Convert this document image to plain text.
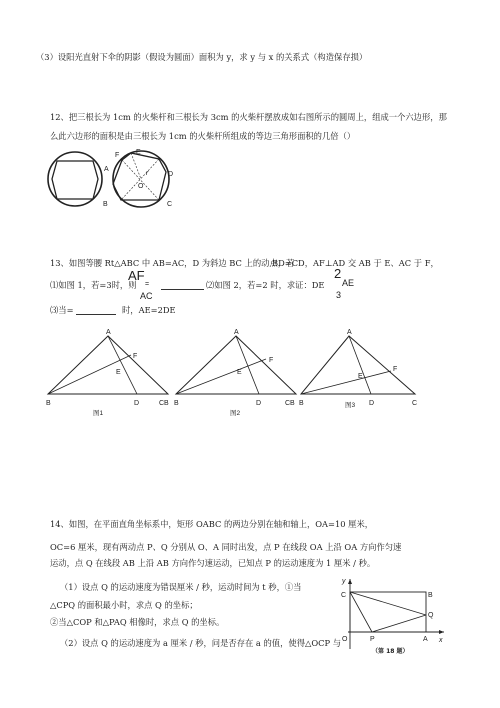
（3）设阳光直射下伞的阴影（假设为圆面）面积为 y，求 y 与 x 的关系式（构造保存损）
12、把三根长为 1cm 的火柴杆和三根长为 3cm 的火柴杆摆放成如右图所示的圆周上，组成一个六边形，那
么此六边形的面积是由三根长为 1cm 的火柴杆所组成的等边三角形面积的几倍（）
F E
A
B
D
C
O
r
13、如图等腰 Rt△ABC 中 AB=AC，D 为斜边 BC 上的动点，若
BD=CD，AF⊥AD 交 AB 于 E、AC 于 F，
⑴如图 1，若=3时，则
AF
=
AC
⑵如图 2，若=2 时，求证：DE
2
AE
3
⑶当=	时，AE=2DE
A
B	D	CB
F
E
图1
A
B	D	CB
F
E
图2
A
B	D	C
F
E
图3
14、如图，在平面直角坐标系中，矩形 OABC 的两边分别在轴和轴上，OA=10 厘米，
OC=6 厘米，现有两动点 P、Q 分别从 O、A 同时出发，点 P 在线段 OA 上沿 OA 方向作匀速
运动，点 Q 在线段 AB 上沿 AB 方向作匀速运动，已知点 P 的运动速度为 1 厘米 / 秒。
（1）设点 Q 的运动速度为错误厘米 / 秒，运动时间为 t 秒，①当
△CPQ 的面积最小时，求点 Q 的坐标；
②当△COP 和△PAQ 相像时，求点 Q 的坐标。
（2）设点 Q 的运动速度为 a 厘米 / 秒，问是否存在 a 的值，使得△OCP 与
y
x
C	B
Q
O	P	A
（第 18 题）
